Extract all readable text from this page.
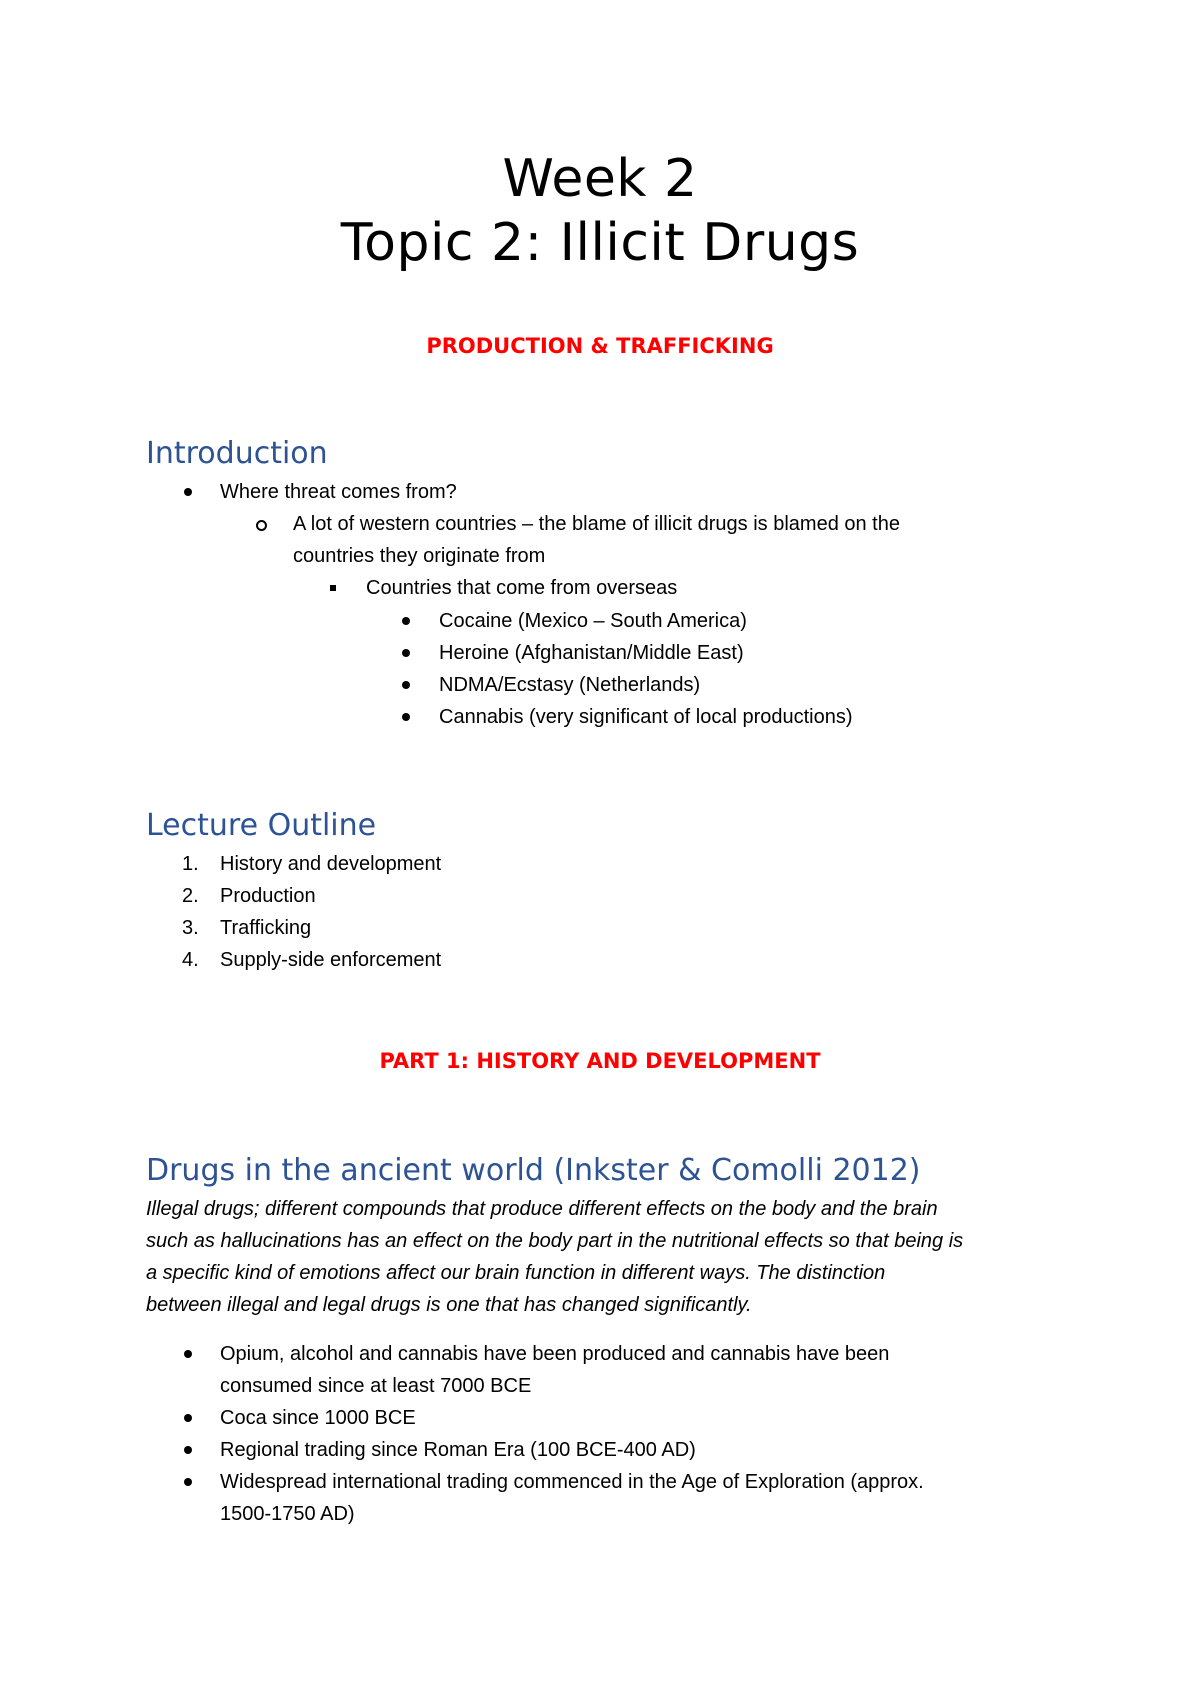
Week 2
Topic 2: Illicit Drugs
PRODUCTION & TRAFFICKING
Introduction
Where threat comes from?
A lot of western countries – the blame of illicit drugs is blamed on the
countries they originate from
Countries that come from overseas
Cocaine (Mexico – South America)
Heroine (Afghanistan/Middle East)
NDMA/Ecstasy (Netherlands)
Cannabis (very significant of local productions)
Lecture Outline
1. History and development
2. Production
3. Trafficking
4. Supply-side enforcement
PART 1: HISTORY AND DEVELOPMENT
Drugs in the ancient world (Inkster & Comolli 2012)
Illegal drugs; different compounds that produce different effects on the body and the brain
such as hallucinations has an effect on the body part in the nutritional effects so that being is
a specific kind of emotions affect our brain function in different ways. The distinction
between illegal and legal drugs is one that has changed significantly.
Opium, alcohol and cannabis have been produced and cannabis have been
consumed since at least 7000 BCE
Coca since 1000 BCE
Regional trading since Roman Era (100 BCE-400 AD)
Widespread international trading commenced in the Age of Exploration (approx.
1500-1750 AD)
